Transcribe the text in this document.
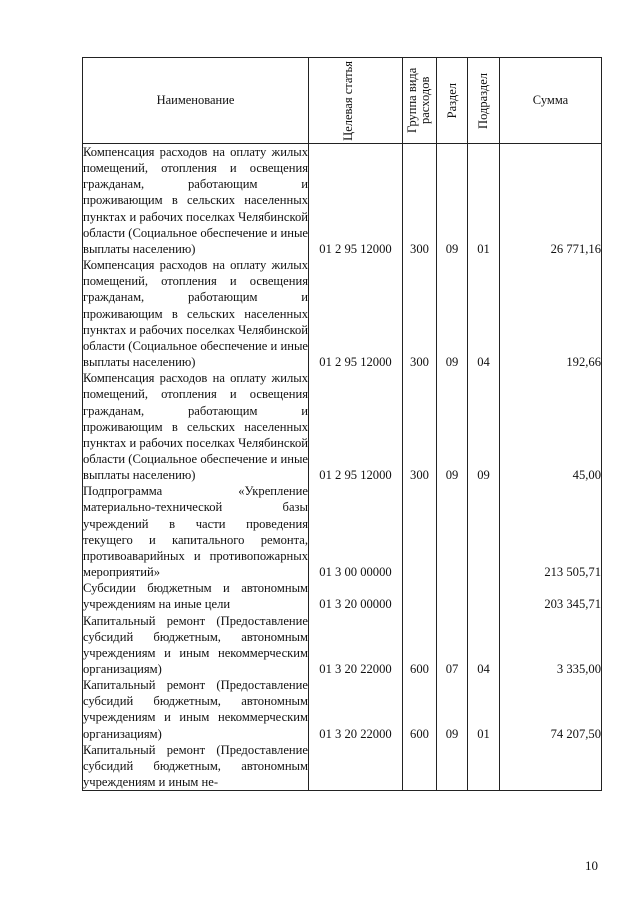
Наименование	Целевая статья	Группа вида расходов	Раздел	Подраздел	Сумма
Компенсация расходов на оплату жилых помещений, отопления и освещения гражданам, работающим и проживающим в сельских населенных пунктах и рабочих поселках Челябинской области (Социальное обеспечение и иные выплаты населению)	01 2 95 12000	300	09	01	26 771,16
Компенсация расходов на оплату жилых помещений, отопления и освещения гражданам, работающим и проживающим в сельских населенных пунктах и рабочих поселках Челябинской области (Социальное обеспечение и иные выплаты населению)	01 2 95 12000	300	09	04	192,66
Компенсация расходов на оплату жилых помещений, отопления и освещения гражданам, работающим и проживающим в сельских населенных пунктах и рабочих поселках Челябинской области (Социальное обеспечение и иные выплаты населению)	01 2 95 12000	300	09	09	45,00
Подпрограмма «Укрепление материально-технической базы учреждений в части проведения текущего и капитального ремонта, противоаварийных и противопожарных мероприятий»	01 3 00 00000				213 505,71
Субсидии бюджетным и автономным учреждениям на иные цели	01 3 20 00000				203 345,71
Капитальный ремонт (Предоставление субсидий бюджетным, автономным учреждениям и иным некоммерческим организациям)	01 3 20 22000	600	07	04	3 335,00
Капитальный ремонт (Предоставление субсидий бюджетным, автономным учреждениям и иным некоммерческим организациям)	01 3 20 22000	600	09	01	74 207,50
Капитальный ремонт (Предоставление субсидий бюджетным, автономным учреждениям и иным не-					
10
